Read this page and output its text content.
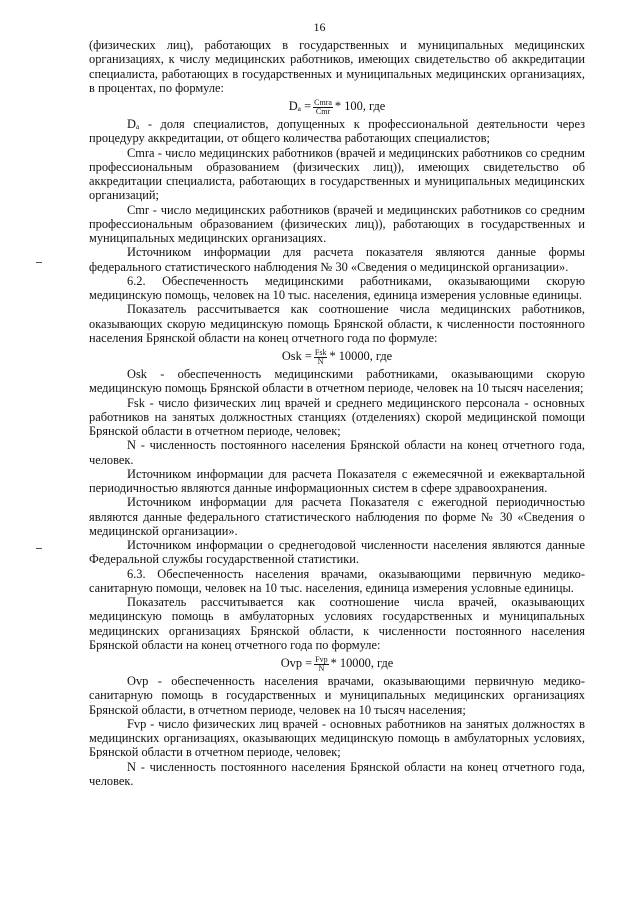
16

(физических лиц), работающих в государственных и муниципальных медицинских организациях, к числу медицинских работников, имеющих свидетельство об аккредитации специалиста, работающих в государственных и муниципальных медицинских организациях, в процентах, по формуле:

$D_a = \frac{\text{Cmra}}{\text{Cmr}} * 100$, где

Dₐ - доля специалистов, допущенных к профессиональной деятельности через процедуру аккредитации, от общего количества работающих специалистов;

Cmra - число медицинских работников (врачей и медицинских работников со средним профессиональным образованием (физических лиц)), имеющих свидетельство об аккредитации специалиста, работающих в государственных и муниципальных медицинских организаций;

Cmr - число медицинских работников (врачей и медицинских работников со средним профессиональным образованием (физических лиц)), работающих в государственных и муниципальных медицинских организациях.

Источником информации для расчета показателя являются данные формы федерального статистического наблюдения № 30 «Сведения о медицинской организации».

6.2. Обеспеченность медицинскими работниками, оказывающими скорую медицинскую помощь, человек на 10 тыс. населения, единица измерения условные единицы.

Показатель рассчитывается как соотношение числа медицинских работников, оказывающих скорую медицинскую помощь Брянской области, к численности постоянного населения Брянской области на конец отчетного года по формуле:

Osk = $\frac{\text{Fsk}}{N} * 10000$, где

Osk - обеспеченность медицинскими работниками, оказывающими скорую медицинскую помощь Брянской области в отчетном периоде, человек на 10 тысяч населения;

Fsk - число физических лиц врачей и среднего медицинского персонала - основных работников на занятых должностных станциях (отделениях) скорой медицинской помощи Брянской области в отчетном периоде, человек;

N - численность постоянного населения Брянской области на конец отчетного года, человек.

Источником информации для расчета Показателя с ежемесячной и ежеквартальной периодичностью являются данные информационных систем в сфере здравоохранения.

Источником информации для расчета Показателя с ежегодной периодичностью являются данные федерального статистического наблюдения по форме № 30 «Сведения о медицинской организации».

Источником информации о среднегодовой численности населения являются данные Федеральной службы государственной статистики.

6.3. Обеспеченность населения врачами, оказывающими первичную медико-санитарную помощи, человек на 10 тыс. населения, единица измерения условные единицы.

Показатель рассчитывается как соотношение числа врачей, оказывающих медицинскую помощь в амбулаторных условиях государственных и муниципальных медицинских организациях Брянской области, к численности постоянного населения Брянской области на конец отчетного года по формуле:

Ovp = $\frac{\text{Fvp}}{N} * 10000$, где

Ovp - обеспеченность населения врачами, оказывающими первичную медико-санитарную помощь в государственных и муниципальных медицинских организациях Брянской области, в отчетном периоде, человек на 10 тысяч населения;

Fvp - число физических лиц врачей - основных работников на занятых должностях в медицинских организациях, оказывающих медицинскую помощь в амбулаторных условиях, Брянской области в отчетном периоде, человек;

N - численность постоянного населения Брянской области на конец отчетного года, человек.
